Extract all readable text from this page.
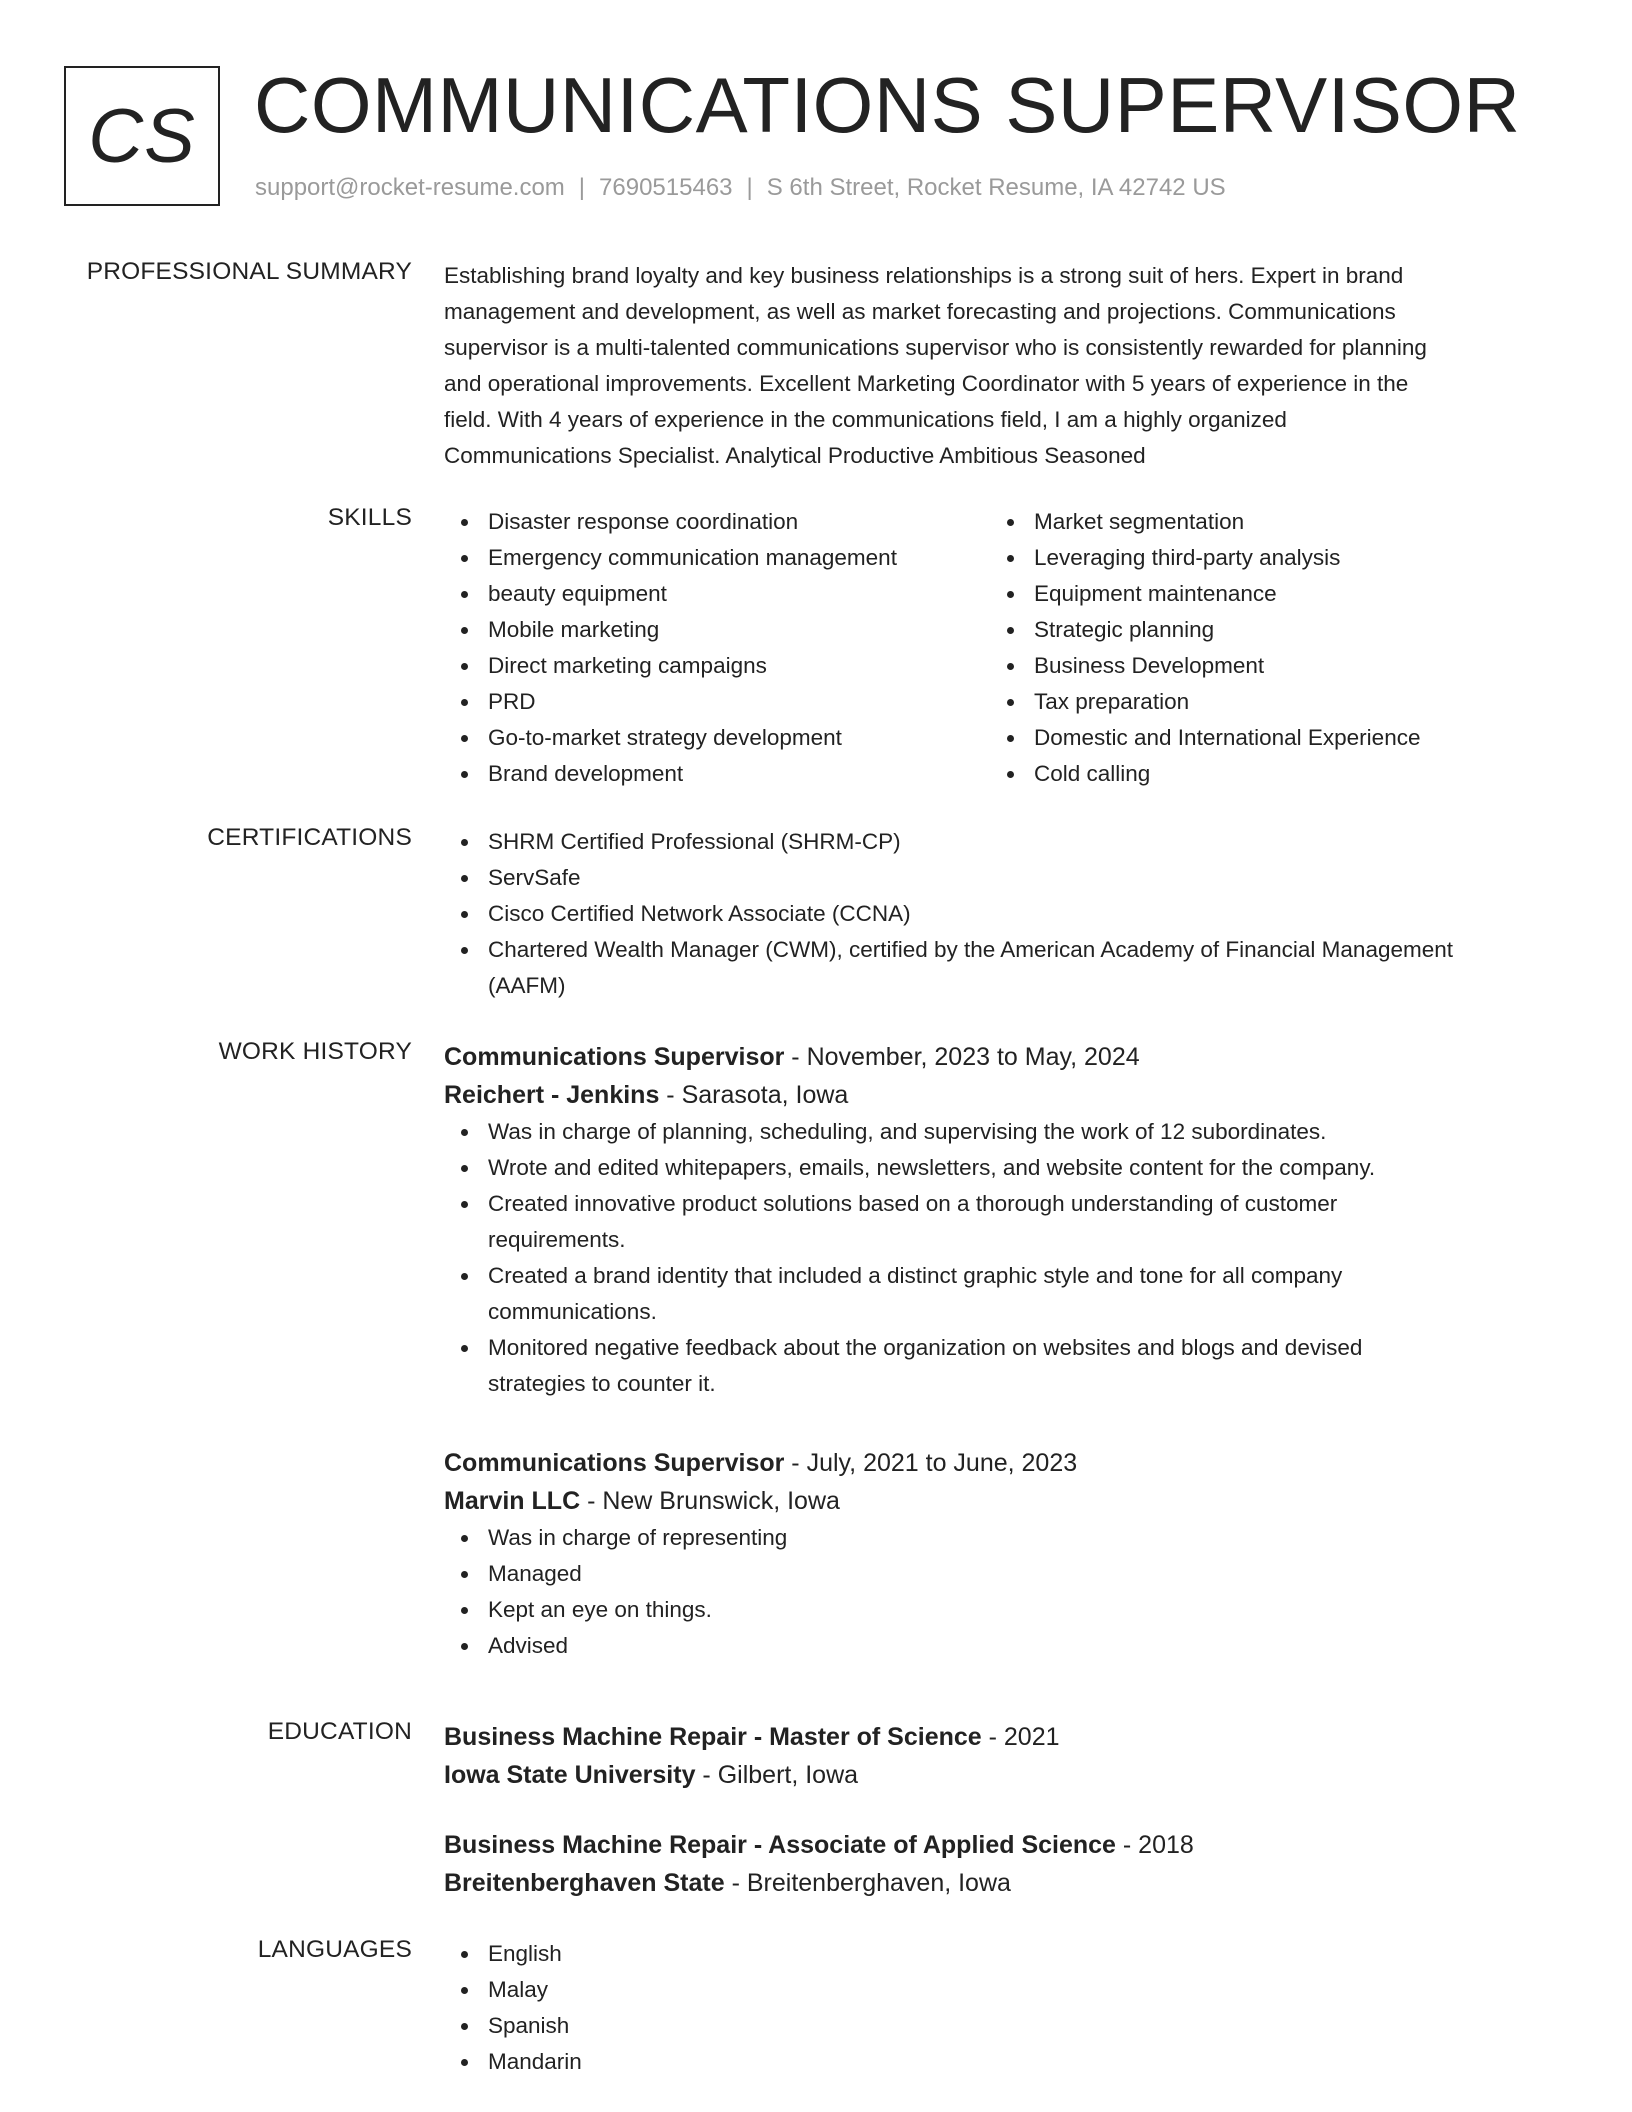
CS COMMUNICATIONS SUPERVISOR
support@rocket-resume.com | 7690515463 | S 6th Street, Rocket Resume, IA 42742 US
PROFESSIONAL SUMMARY Establishing brand loyalty and key business relationships is a strong suit of hers. Expert in brand
management and development, as well as market forecasting and projections. Communications
supervisor is a multi-talented communications supervisor who is consistently rewarded for planning
and operational improvements. Excellent Marketing Coordinator with 5 years of experience in the
field. With 4 years of experience in the communications field, I am a highly organized
Communications Specialist. Analytical Productive Ambitious Seasoned
SKILLS	Disaster response coordination
Emergency communication management
beauty equipment
Mobile marketing
Direct marketing campaigns
PRD
Go-to-market strategy development
Brand development
Market segmentation
Leveraging third-party analysis
Equipment maintenance
Strategic planning
Business Development
Tax preparation
Domestic and International Experience
Cold calling
CERTIFICATIONS	SHRM Certified Professional (SHRM-CP)
ServSafe
Cisco Certified Network Associate (CCNA)
Chartered Wealth Manager (CWM), certified by the American Academy of Financial Management
(AAFM)
WORK HISTORY Communications Supervisor - November, 2023 to May, 2024
Reichert - Jenkins - Sarasota, Iowa
Was in charge of planning, scheduling, and supervising the work of 12 subordinates.
Wrote and edited whitepapers, emails, newsletters, and website content for the company.
Created innovative product solutions based on a thorough understanding of customer
requirements.
Created a brand identity that included a distinct graphic style and tone for all company
communications.
Monitored negative feedback about the organization on websites and blogs and devised
strategies to counter it.
Communications Supervisor - July, 2021 to June, 2023
Marvin LLC - New Brunswick, Iowa
Was in charge of representing
Managed
Kept an eye on things.
Advised
EDUCATION Business Machine Repair - Master of Science - 2021
Iowa State University - Gilbert, Iowa
Business Machine Repair - Associate of Applied Science - 2018
Breitenberghaven State - Breitenberghaven, Iowa
LANGUAGES	English
Malay
Spanish
Mandarin
